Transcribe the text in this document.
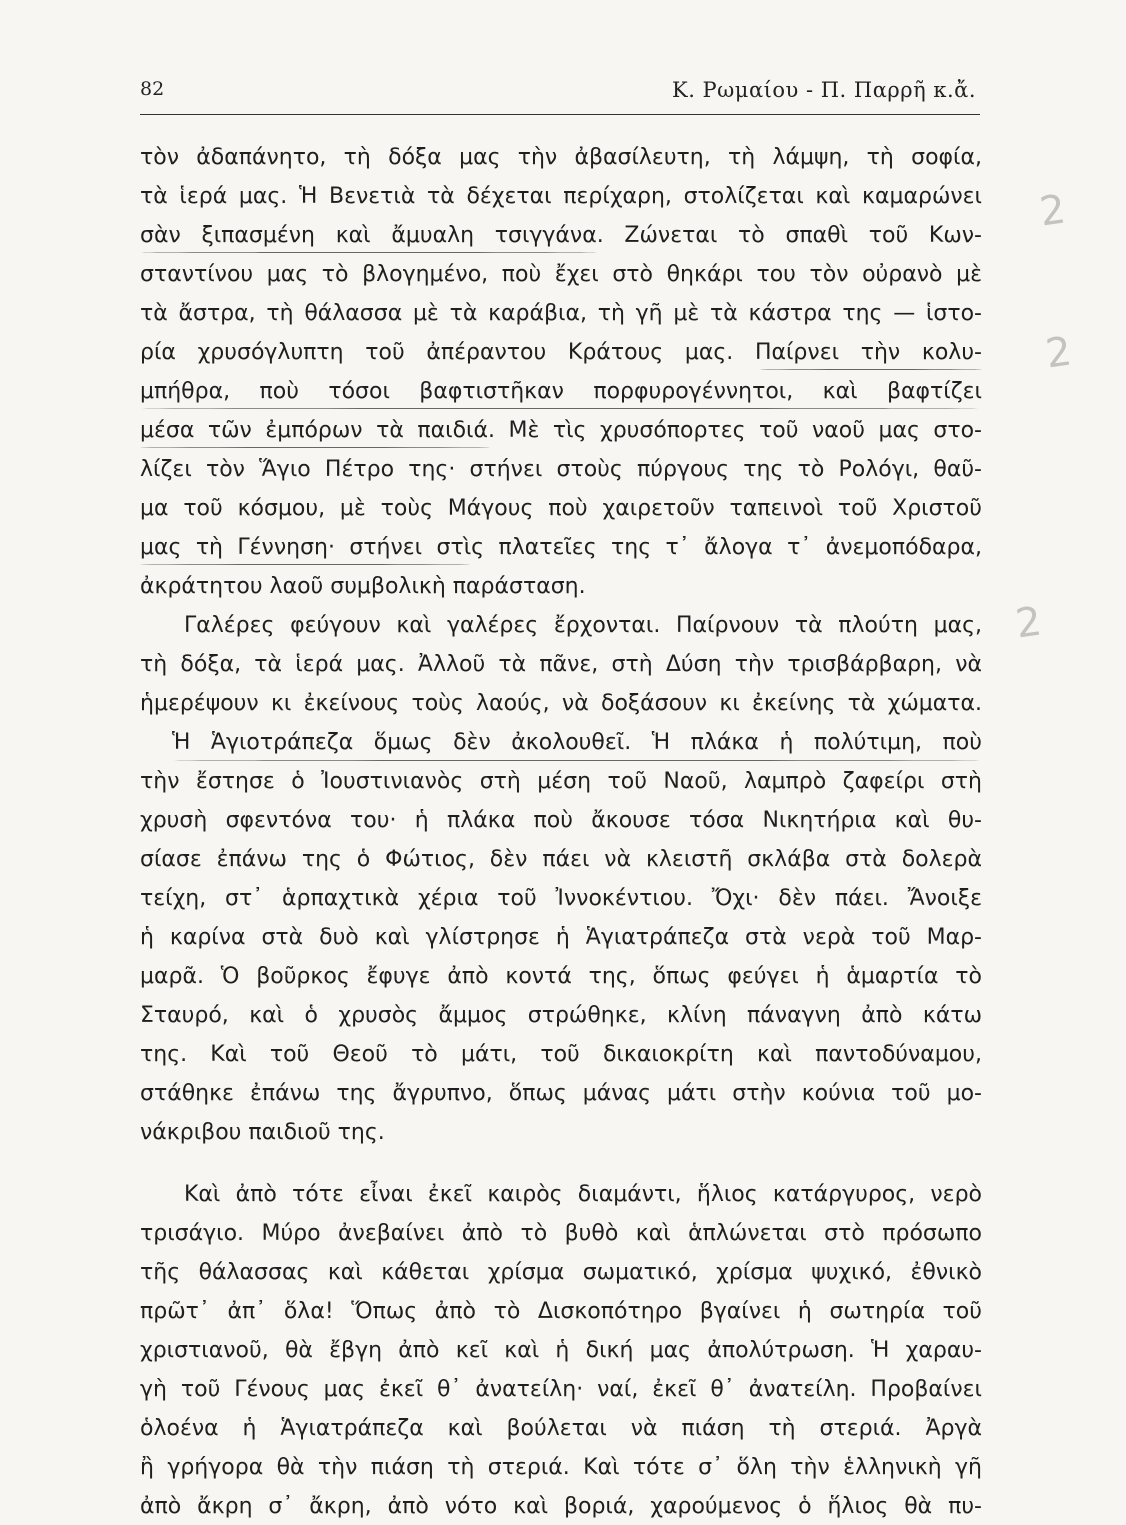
82	Κ. Ρωμαίου - Π. Παρρῆ κ.ἄ.
τὸν ἀδαπάνητο, τὴ δόξα μας τὴν ἀβασίλευτη, τὴ λάμψη, τὴ σοφία,
τὰ ἱερά μας. Ἡ Βενετιὰ τὰ δέχεται περίχαρη, στολίζεται καὶ καμαρώνει
σὰν ξιπασμένη καὶ ἄμυαλη τσιγγάνα. Ζώνεται τὸ σπαθὶ τοῦ Κων-
σταντίνου μας τὸ βλογημένο, ποὺ ἔχει στὸ θηκάρι του τὸν οὐρανὸ μὲ
τὰ ἄστρα, τὴ θάλασσα μὲ τὰ καράβια, τὴ γῆ μὲ τὰ κάστρα της — ἱστο-
ρία χρυσόγλυπτη τοῦ ἀπέραντου Κράτους μας. Παίρνει τὴν κολυ-
μπήθρα, ποὺ τόσοι βαφτιστῆκαν πορφυρογέννητοι, καὶ βαφτίζει
μέσα τῶν ἐμπόρων τὰ παιδιά. Μὲ τὶς χρυσόπορτες τοῦ ναοῦ μας στο-
λίζει τὸν Ἅγιο Πέτρο της· στήνει στοὺς πύργους της τὸ Ρολόγι, θαῦ-
μα τοῦ κόσμου, μὲ τοὺς Μάγους ποὺ χαιρετοῦν ταπεινοὶ τοῦ Χριστοῦ
μας τὴ Γέννηση· στήνει στὶς πλατεῖες της τ᾽ ἄλογα τ᾽ ἀνεμοπόδαρα,
ἀκράτητου λαοῦ συμβολικὴ παράσταση.
Γαλέρες φεύγουν καὶ γαλέρες ἔρχονται. Παίρνουν τὰ πλούτη μας,
τὴ δόξα, τὰ ἱερά μας. Ἀλλοῦ τὰ πᾶνε, στὴ Δύση τὴν τρισβάρβαρη, νὰ
ἡμερέψουν κι ἐκείνους τοὺς λαούς, νὰ δοξάσουν κι ἐκείνης τὰ χώματα.
Ἡ Ἁγιοτράπεζα ὅμως δὲν ἀκολουθεῖ. Ἡ πλάκα ἡ πολύτιμη, ποὺ
τὴν ἔστησε ὁ Ἰουστινιανὸς στὴ μέση τοῦ Ναοῦ, λαμπρὸ ζαφείρι στὴ
χρυσὴ σφεντόνα του· ἡ πλάκα ποὺ ἄκουσε τόσα Νικητήρια καὶ θυ-
σίασε ἐπάνω της ὁ Φώτιος, δὲν πάει νὰ κλειστῆ σκλάβα στὰ δολερὰ
τείχη, στ᾽ ἁρπαχτικὰ χέρια τοῦ Ἰννοκέντιου. Ὄχι· δὲν πάει. Ἄνοιξε
ἡ καρίνα στὰ δυὸ καὶ γλίστρησε ἡ Ἁγιατράπεζα στὰ νερὰ τοῦ Μαρ-
μαρᾶ. Ὁ βοῦρκος ἔφυγε ἀπὸ κοντά της, ὅπως φεύγει ἡ ἁμαρτία τὸ
Σταυρό, καὶ ὁ χρυσὸς ἄμμος στρώθηκε, κλίνη πάναγνη ἀπὸ κάτω
της. Καὶ τοῦ Θεοῦ τὸ μάτι, τοῦ δικαιοκρίτη καὶ παντοδύναμου,
στάθηκε ἐπάνω της ἄγρυπνο, ὅπως μάνας μάτι στὴν κούνια τοῦ μο-
νάκριβου παιδιοῦ της.
Καὶ ἀπὸ τότε εἶναι ἐκεῖ καιρὸς διαμάντι, ἥλιος κατάργυρος, νερὸ
τρισάγιο. Μύρο ἀνεβαίνει ἀπὸ τὸ βυθὸ καὶ ἁπλώνεται στὸ πρόσωπο
τῆς θάλασσας καὶ κάθεται χρίσμα σωματικό, χρίσμα ψυχικό, ἐθνικὸ
πρῶτ᾽ ἀπ᾽ ὅλα! Ὅπως ἀπὸ τὸ Δισκοπότηρο βγαίνει ἡ σωτηρία τοῦ
χριστιανοῦ, θὰ ἔβγη ἀπὸ κεῖ καὶ ἡ δική μας ἀπολύτρωση. Ἡ χαραυ-
γὴ τοῦ Γένους μας ἐκεῖ θ᾽ ἀνατείλη· ναί, ἐκεῖ θ᾽ ἀνατείλη. Προβαίνει
ὁλοένα ἡ Ἁγιατράπεζα καὶ βούλεται νὰ πιάση τὴ στεριά. Ἀργὰ
ἢ γρήγορα θὰ τὴν πιάση τὴ στεριά. Καὶ τότε σ᾽ ὅλη τὴν ἑλληνικὴ γῆ
ἀπὸ ἄκρη σ᾽ ἄκρη, ἀπὸ νότο καὶ βοριά, χαρούμενος ὁ ἥλιος θὰ πυ-
2
2
2
